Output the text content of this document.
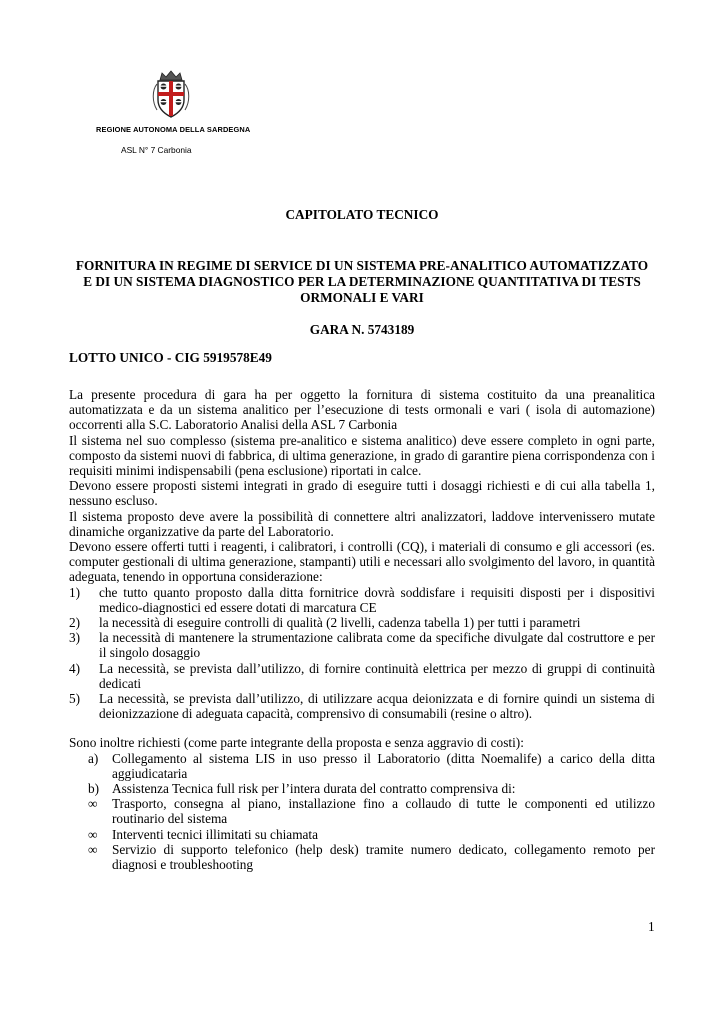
REGIONE AUTONOMA DELLA SARDEGNA
ASL N° 7 Carbonia
CAPITOLATO TECNICO
FORNITURA IN REGIME DI SERVICE DI UN SISTEMA PRE-ANALITICO AUTOMATIZZATO E DI UN SISTEMA DIAGNOSTICO PER LA DETERMINAZIONE QUANTITATIVA DI TESTS ORMONALI E VARI
GARA N. 5743189
LOTTO UNICO - CIG 5919578E49

La presente procedura di gara ha per oggetto la fornitura di sistema costituito da una preanalitica automatizzata e da un sistema analitico per l’esecuzione di tests ormonali e vari ( isola di automazione) occorrenti alla S.C. Laboratorio Analisi della ASL 7 Carbonia

Il sistema nel suo complesso (sistema pre-analitico e sistema analitico) deve essere completo in ogni parte, composto da sistemi nuovi di fabbrica, di ultima generazione, in grado di garantire piena corrispondenza con i requisiti minimi indispensabili (pena esclusione) riportati in calce.

Devono essere proposti sistemi integrati in grado di eseguire tutti i dosaggi richiesti e di cui alla tabella 1, nessuno escluso.

Il sistema proposto deve avere la possibilità di connettere altri analizzatori, laddove intervenissero mutate dinamiche organizzative da parte del Laboratorio.

Devono essere offerti tutti i reagenti, i calibratori, i controlli (CQ), i materiali di consumo e gli accessori (es. computer gestionali di ultima generazione, stampanti) utili e necessari allo svolgimento del lavoro, in quantità adeguata, tenendo in opportuna considerazione:

1) che tutto quanto proposto dalla ditta fornitrice dovrà soddisfare i requisiti disposti per i dispositivi medico-diagnostici ed essere dotati di marcatura CE
2) la necessità di eseguire controlli di qualità (2 livelli, cadenza tabella 1) per tutti i parametri
3) la necessità di mantenere la strumentazione calibrata come da specifiche divulgate dal costruttore e per il singolo dosaggio
4) La necessità, se prevista dall’utilizzo, di fornire continuità elettrica per mezzo di gruppi di continuità dedicati
5) La necessità, se prevista dall’utilizzo, di utilizzare acqua deionizzata e di fornire quindi un sistema di deionizzazione di adeguata capacità, comprensivo di consumabili (resine o altro).

Sono inoltre richiesti (come parte integrante della proposta e senza aggravio di costi):

a) Collegamento al sistema LIS in uso presso il Laboratorio (ditta Noemalife) a carico della ditta aggiudicataria
b) Assistenza Tecnica full risk per l’intera durata del contratto comprensiva di:
∞ Trasporto, consegna al piano, installazione fino a collaudo di tutte le componenti ed utilizzo routinario del sistema
∞ Interventi tecnici illimitati su chiamata
∞ Servizio di supporto telefonico (help desk) tramite numero dedicato, collegamento remoto per diagnosi e troubleshooting
1
